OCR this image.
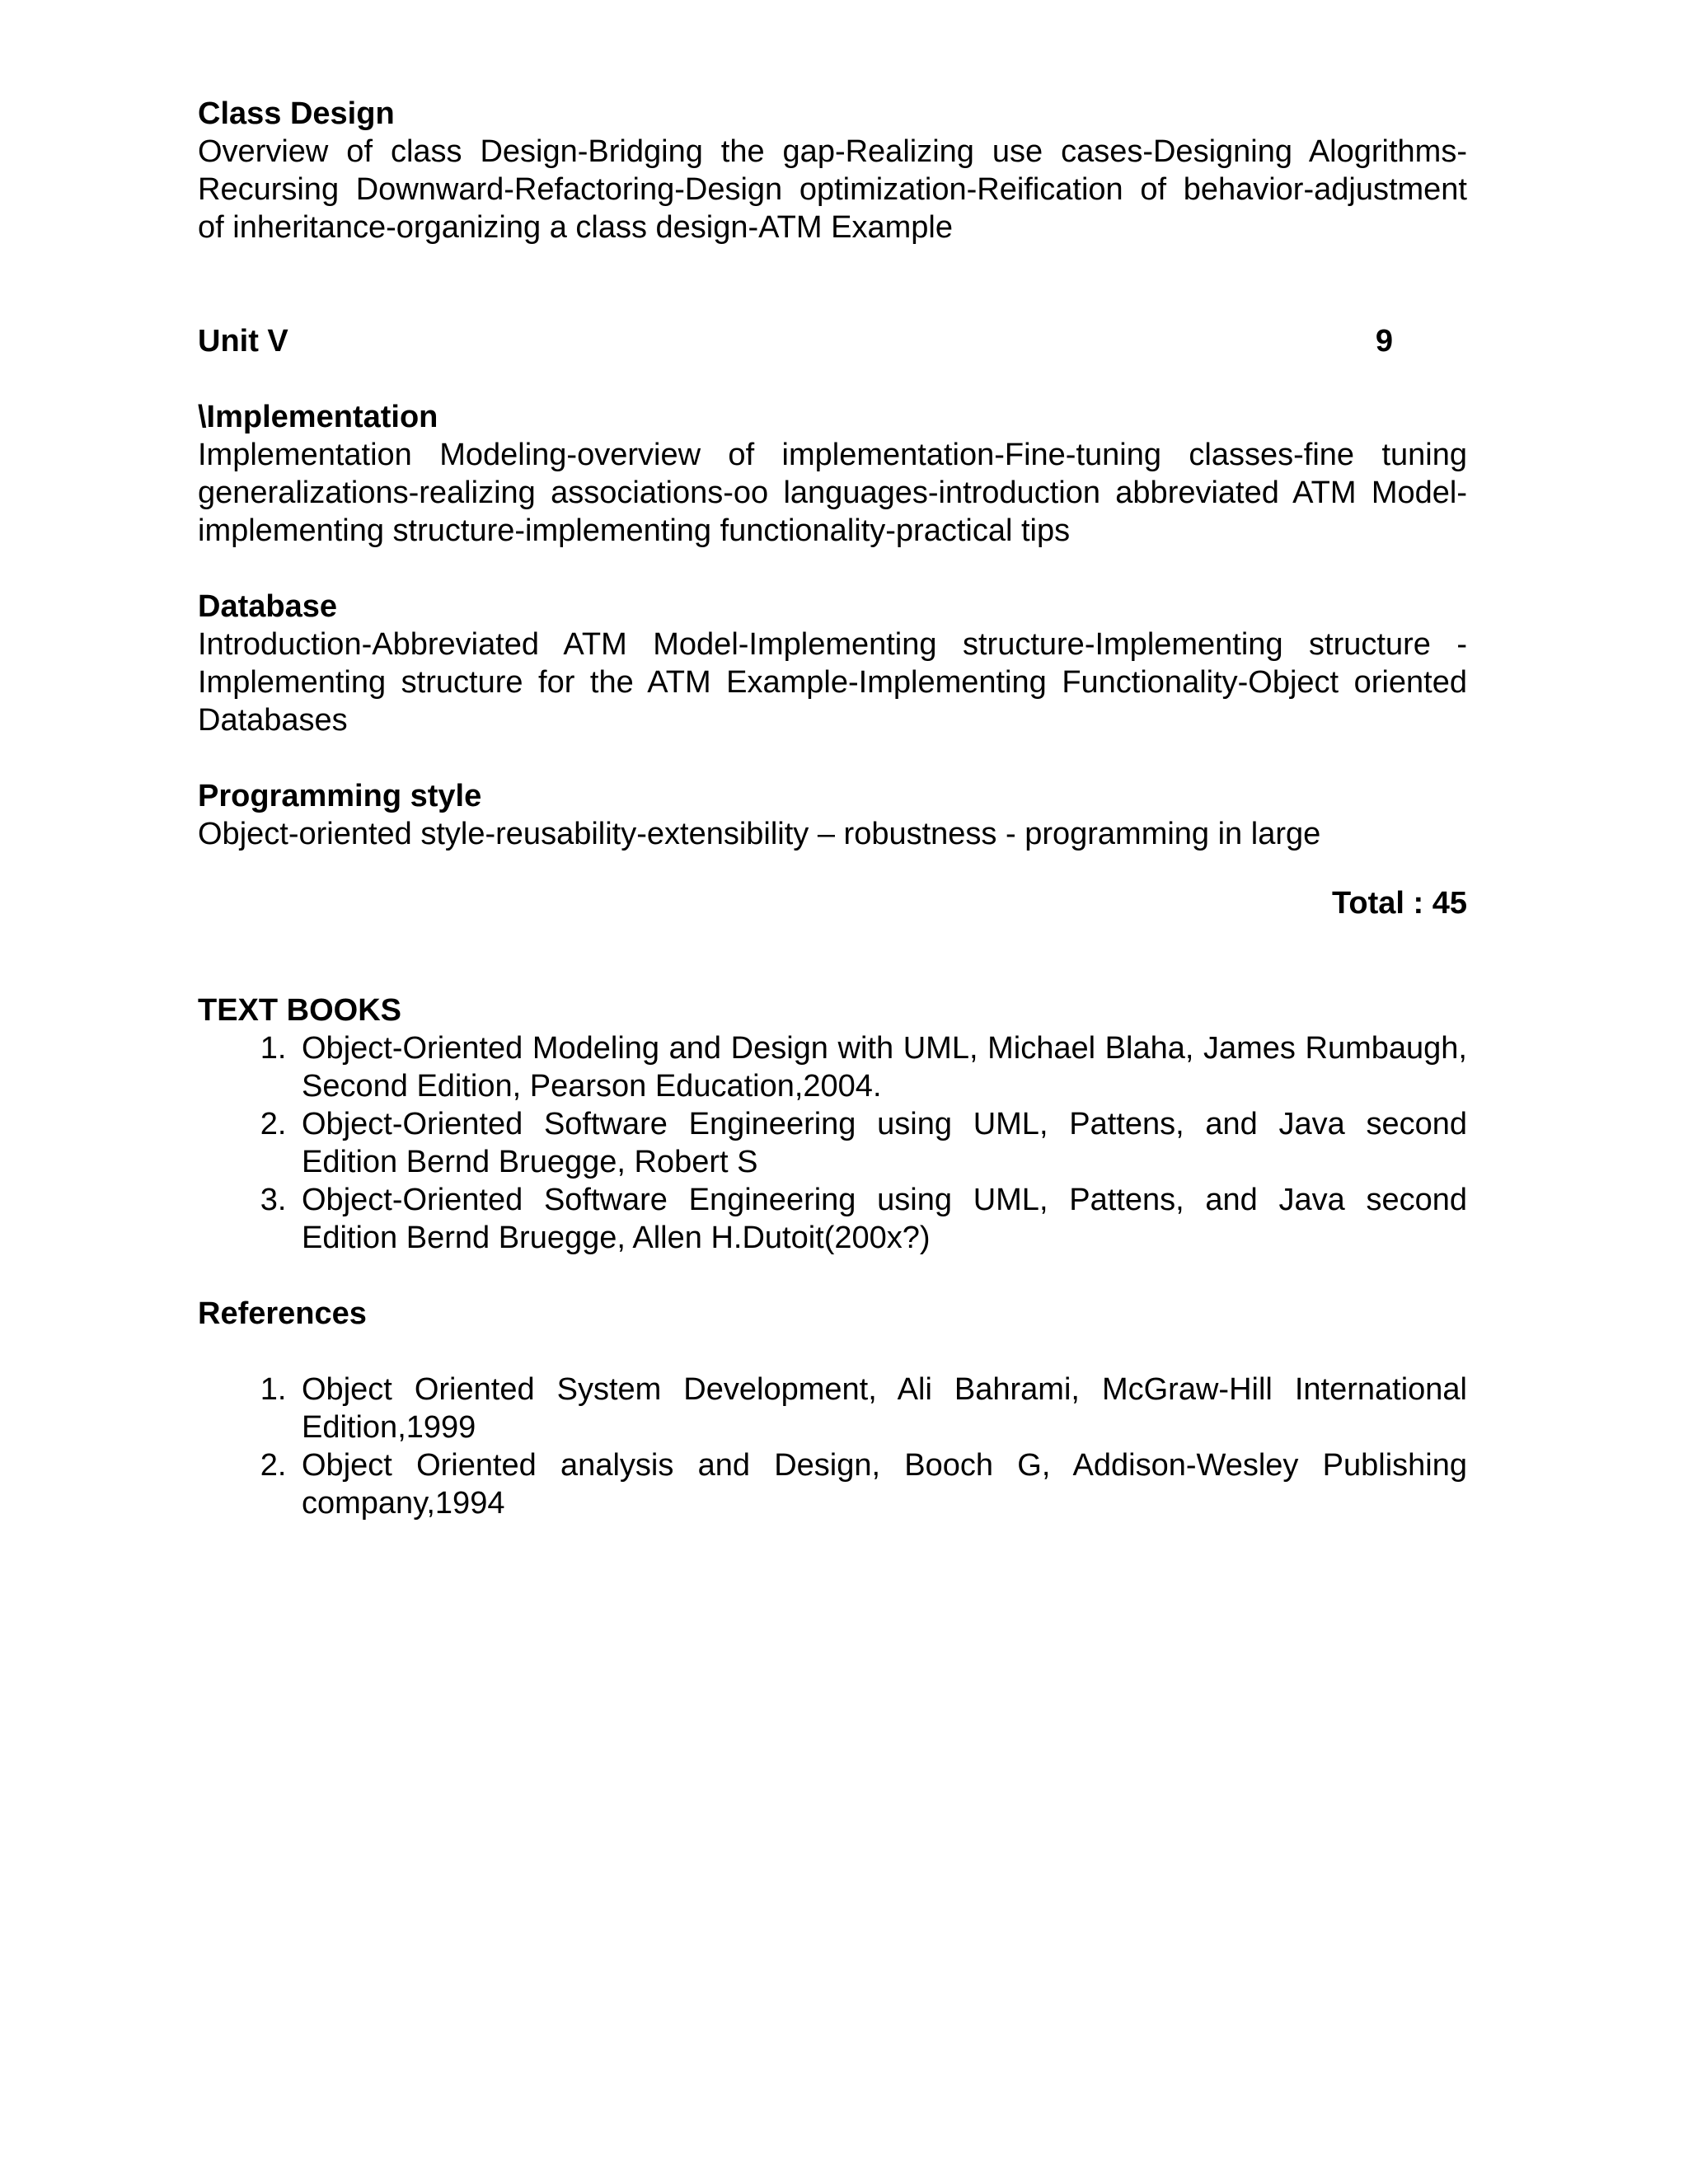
Class Design

Overview of class Design-Bridging the gap-Realizing use cases-Designing Alogrithms-Recursing Downward-Refactoring-Design optimization-Reification of behavior-adjustment of inheritance-organizing a class design-ATM Example

Unit V	9

\Implementation

Implementation Modeling-overview of implementation-Fine-tuning classes-fine tuning generalizations-realizing associations-oo languages-introduction abbreviated ATM Model-implementing structure-implementing functionality-practical tips

Database

Introduction-Abbreviated ATM Model-Implementing structure-Implementing structure - Implementing structure for the ATM Example-Implementing Functionality-Object oriented Databases

Programming style

Object-oriented style-reusability-extensibility – robustness - programming in large

Total : 45

TEXT BOOKS

1. Object-Oriented Modeling and Design with UML, Michael Blaha, James Rumbaugh, Second Edition, Pearson Education,2004.
2. Object-Oriented Software Engineering using UML, Pattens, and Java second Edition Bernd Bruegge, Robert S
3. Object-Oriented Software Engineering using UML, Pattens, and Java second Edition Bernd Bruegge, Allen H.Dutoit(200x?)

References

1. Object Oriented System Development, Ali Bahrami, McGraw-Hill International Edition,1999
2. Object Oriented analysis and Design, Booch G, Addison-Wesley Publishing company,1994
